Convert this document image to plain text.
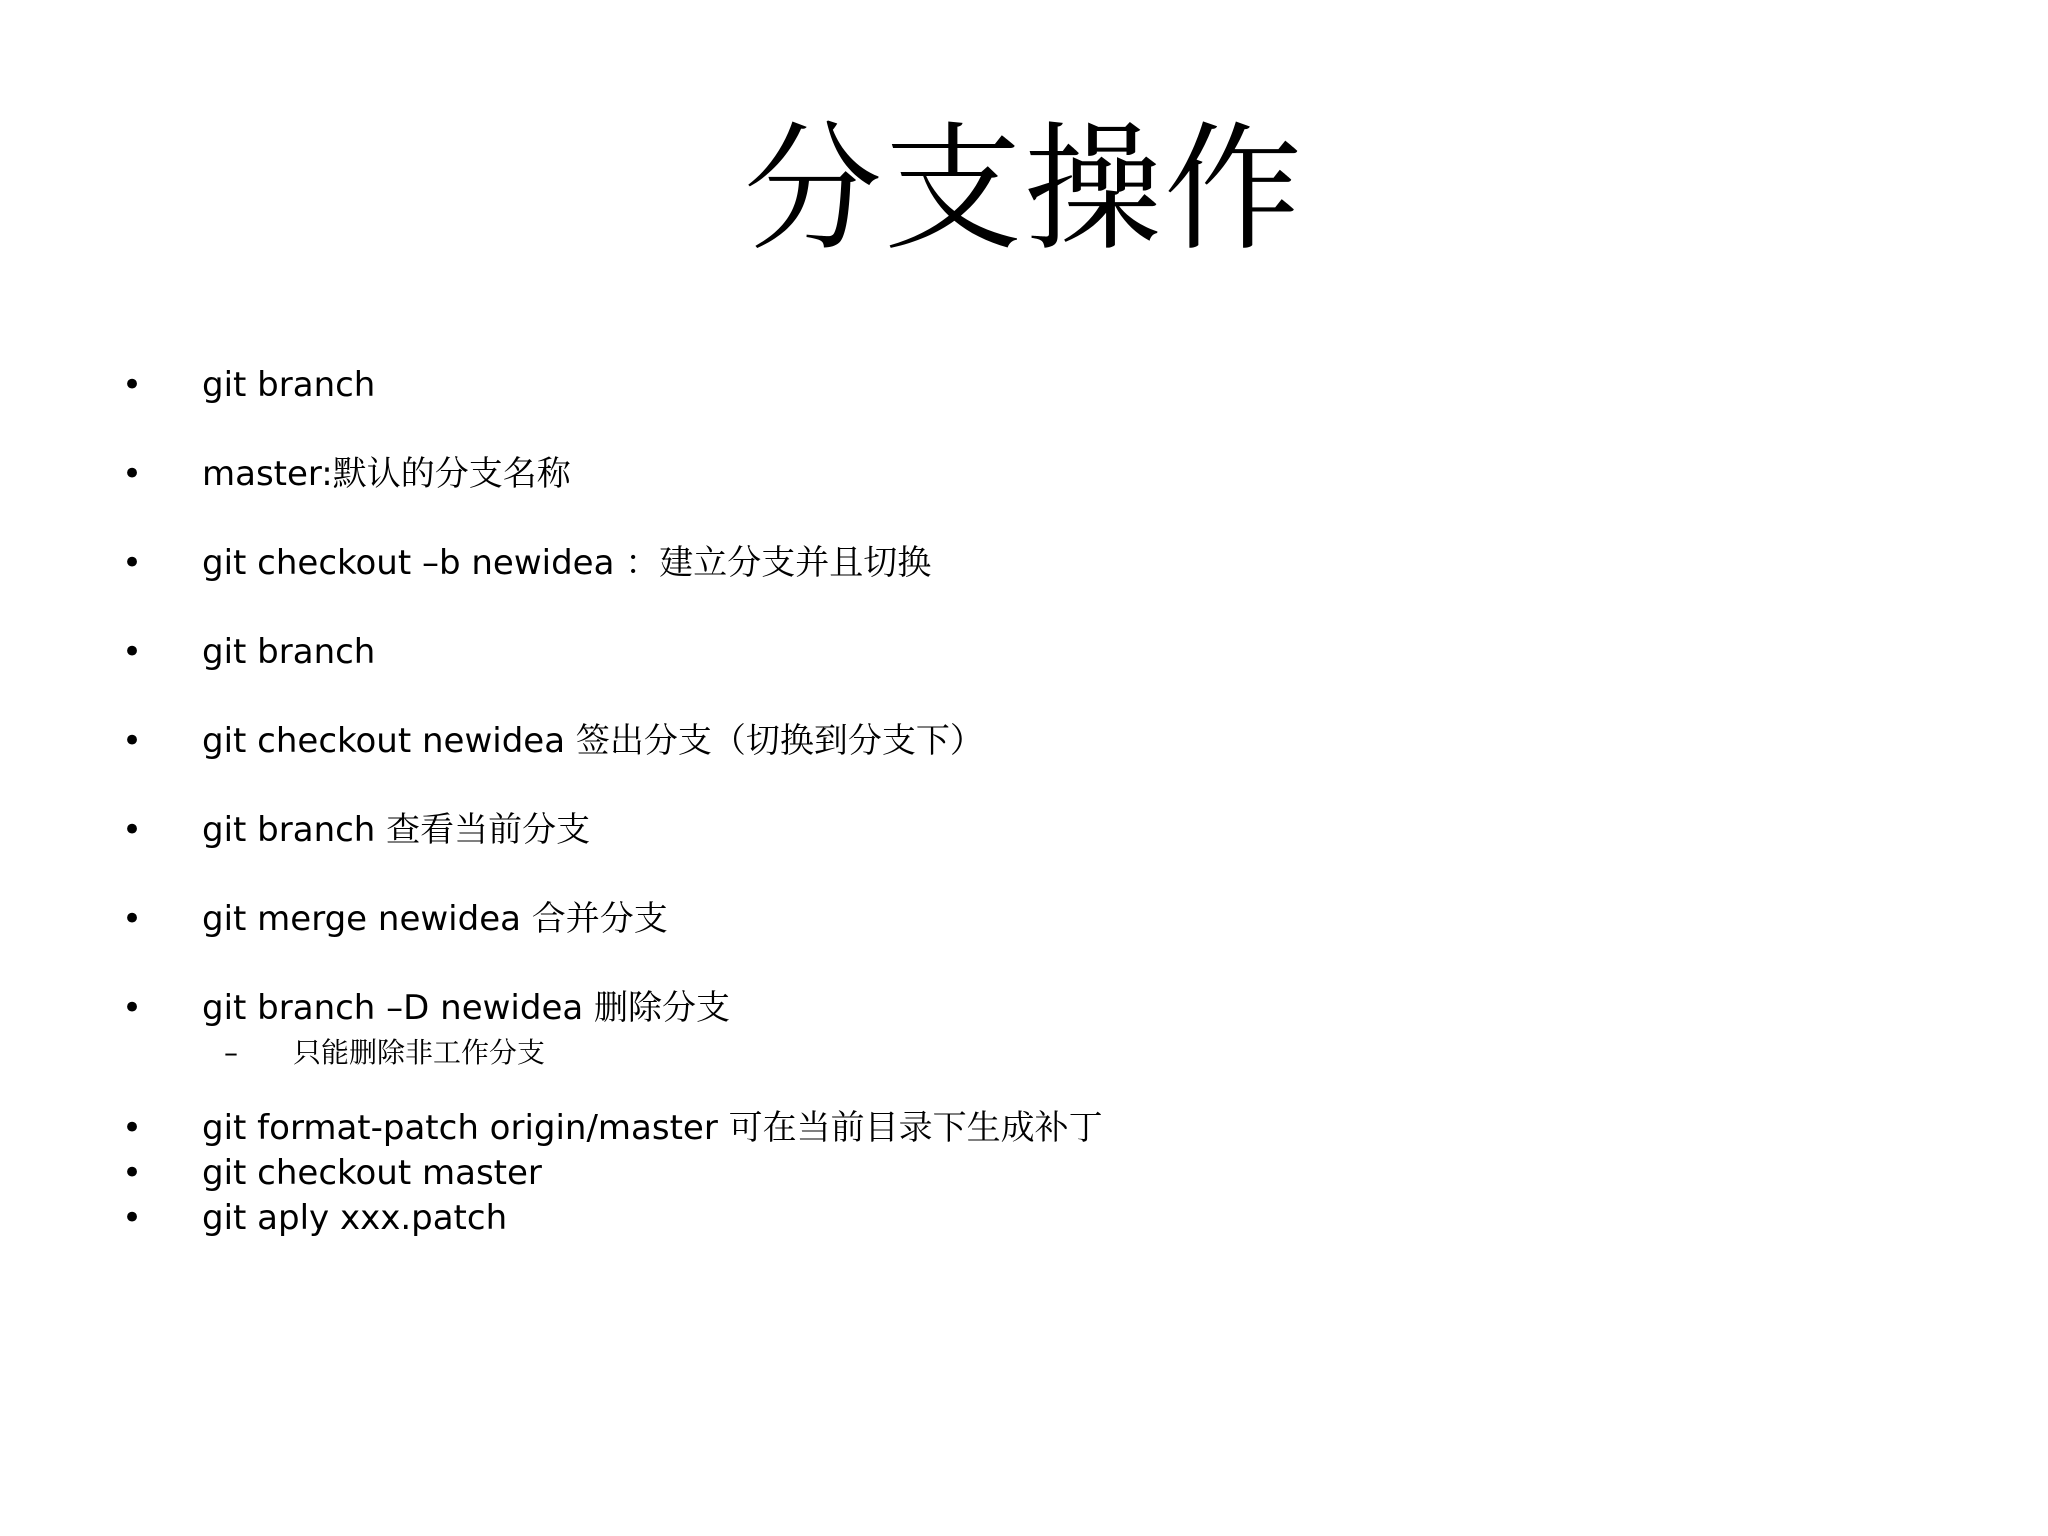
分支操作
• git branch
• master:默认的分支名称
• git checkout –b newidea ：建立分支并且切换
• git branch
• git checkout newidea 签出分支（切换到分支下）
• git branch 查看当前分支
• git merge newidea 合并分支
• git branch –D newidea 删除分支
– 只能删除非工作分支
• git format-patch origin/master 可在当前目录下生成补丁
• git checkout master
• git aply xxx.patch
